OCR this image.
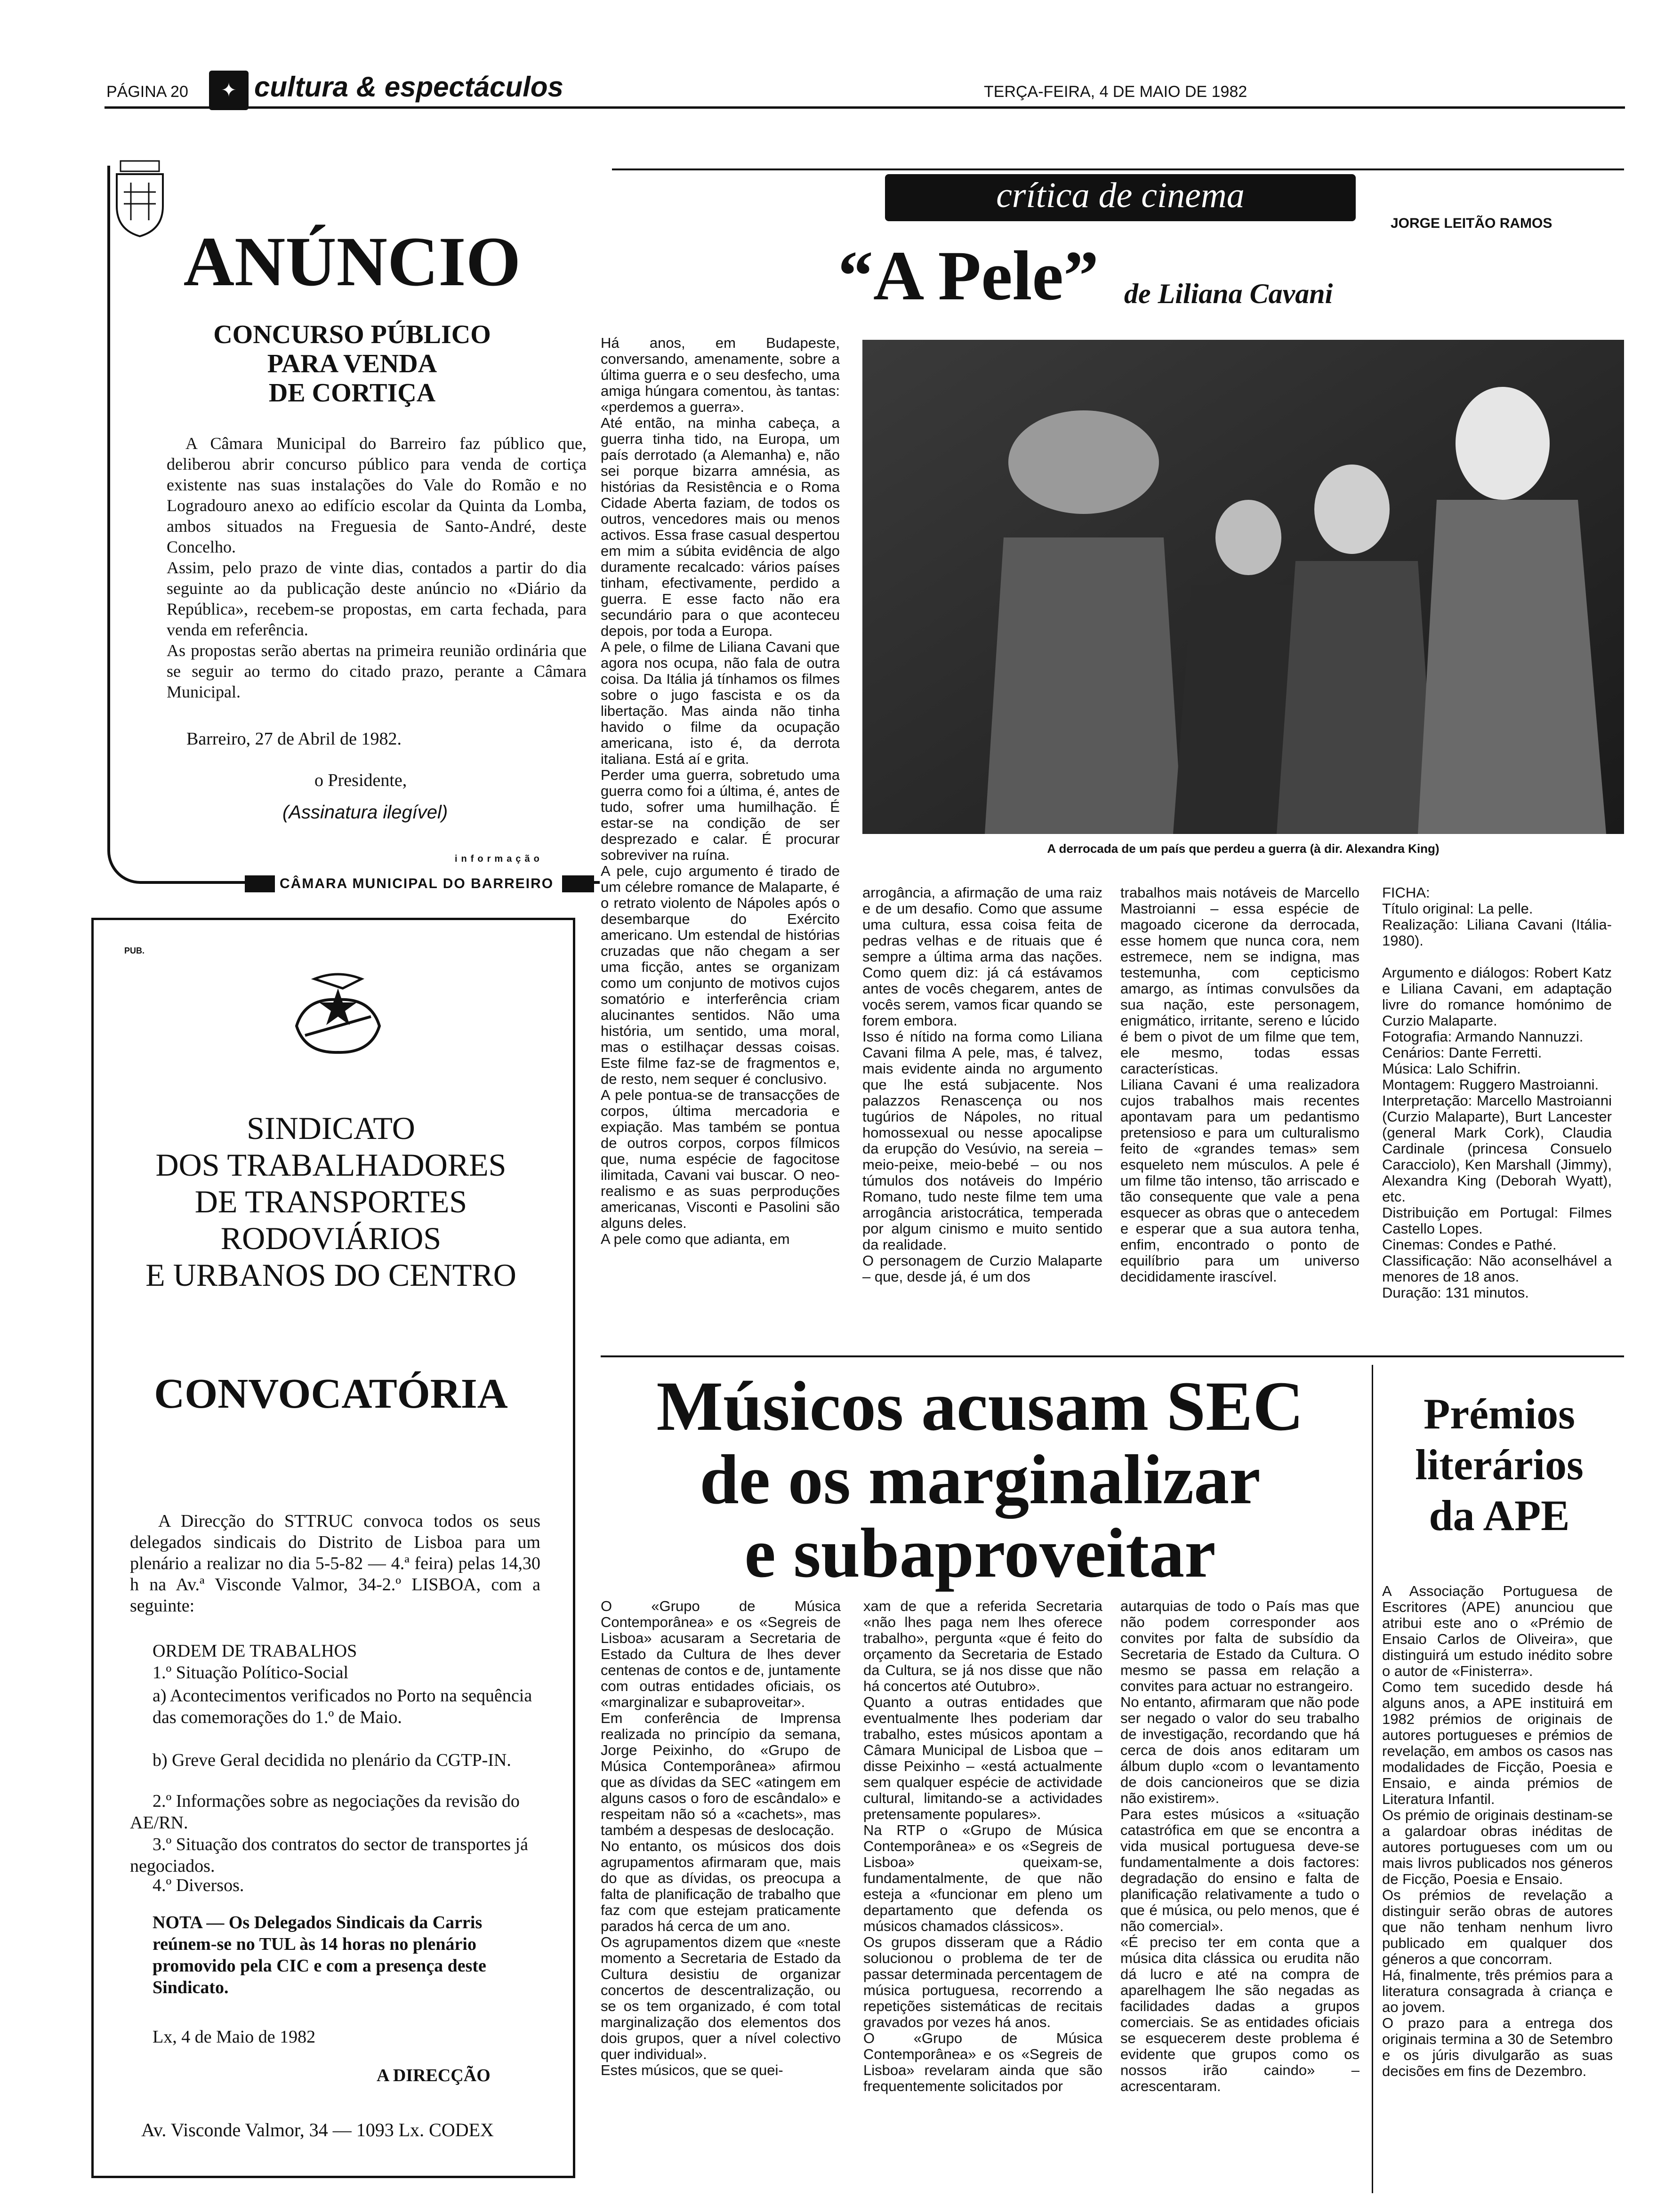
PÁGINA 20	✦ cultura & espectáculos	TERÇA-FEIRA, 4 DE MAIO DE 1982
ANÚNCIO
CONCURSO PÚBLICO
PARA VENDA
DE CORTIÇA
A Câmara Municipal do Barreiro faz público que, deliberou abrir concurso público para venda de cortiça existente nas suas instalações do Vale do Romão e no Logradouro anexo ao edifício escolar da Quinta da Lomba, ambos situados na Freguesia de Santo-André, deste Concelho.
Assim, pelo prazo de vinte dias, contados a partir do dia seguinte ao da publicação deste anúncio no «Diário da República», recebem-se propostas, em carta fechada, para venda em referência.
As propostas serão abertas na primeira reunião ordinária que se seguir ao termo do citado prazo, perante a Câmara Municipal.
Barreiro, 27 de Abril de 1982.
o Presidente,
(Assinatura ilegível)
informação
CÂMARA MUNICIPAL DO BARREIRO
PUB.
SINDICATO
DOS TRABALHADORES
DE TRANSPORTES
RODOVIÁRIOS
E URBANOS DO CENTRO
CONVOCATÓRIA
A Direcção do STTRUC convoca todos os seus delegados sindicais do Distrito de Lisboa para um plenário a realizar no dia 5-5-82 — 4.ª feira) pelas 14,30 h na Av.ª Visconde Valmor, 34-2.º LISBOA, com a seguinte:
ORDEM DE TRABALHOS
1.º Situação Político-Social
a) Acontecimentos verificados no Porto na sequência das comemorações do 1.º de Maio.
b) Greve Geral decidida no plenário da CGTP-IN.
2.º Informações sobre as negociações da revisão do AE/RN.
3.º Situação dos contratos do sector de transportes já negociados.
4.º Diversos.
NOTA — Os Delegados Sindicais da Carris reúnem-se no TUL às 14 horas no plenário promovido pela CIC e com a presença deste Sindicato.
Lx, 4 de Maio de 1982
A DIRECÇÃO
Av. Visconde Valmor, 34 — 1093 Lx. CODEX
crítica de cinema
JORGE LEITÃO RAMOS
“A Pele” de Liliana Cavani
Há anos, em Budapeste, conversando, amenamente, sobre a última guerra e o seu desfecho, uma amiga húngara comentou, às tantas: «perdemos a guerra».
Até então, na minha cabeça, a guerra tinha tido, na Europa, um país derrotado (a Alemanha) e, não sei porque bizarra amnésia, as histórias da Resistência e o Roma Cidade Aberta faziam, de todos os outros, vencedores mais ou menos activos. Essa frase casual despertou em mim a súbita evidência de algo duramente recalcado: vários países tinham, efectivamente, perdido a guerra. E esse facto não era secundário para o que aconteceu depois, por toda a Europa.
A pele, o filme de Liliana Cavani que agora nos ocupa, não fala de outra coisa. Da Itália já tínhamos os filmes sobre o jugo fascista e os da libertação. Mas ainda não tinha havido o filme da ocupação americana, isto é, da derrota italiana. Está aí e grita.
Perder uma guerra, sobretudo uma guerra como foi a última, é, antes de tudo, sofrer uma humilhação. É estar-se na condição de ser desprezado e calar. É procurar sobreviver na ruína.
A pele, cujo argumento é tirado de um célebre romance de Malaparte, é o retrato violento de Nápoles após o desembarque do Exército americano. Um estendal de histórias cruzadas que não chegam a ser uma ficção, antes se organizam como um conjunto de motivos cujos somatório e interferência criam alucinantes sentidos. Não uma história, um sentido, uma moral, mas o estilhaçar dessas coisas. Este filme faz-se de fragmentos e, de resto, nem sequer é conclusivo.
A pele pontua-se de transacções de corpos, última mercadoria e expiação. Mas também se pontua de outros corpos, corpos fílmicos que, numa espécie de fagocitose ilimitada, Cavani vai buscar. O neo-realismo e as suas perproduções americanas, Visconti e Pasolini são alguns deles.
A pele como que adianta, em
A derrocada de um país que perdeu a guerra (à dir. Alexandra King)
arrogância, a afirmação de uma raiz e de um desafio. Como que assume uma cultura, essa coisa feita de pedras velhas e de rituais que é sempre a última arma das nações. Como quem diz: já cá estávamos antes de vocês chegarem, antes de vocês serem, vamos ficar quando se forem embora.
Isso é nítido na forma como Liliana Cavani filma A pele, mas, é talvez, mais evidente ainda no argumento que lhe está subjacente. Nos palazzos Renascença ou nos tugúrios de Nápoles, no ritual homossexual ou nesse apocalipse da erupção do Vesúvio, na sereia – meio-peixe, meio-bebé – ou nos túmulos dos notáveis do Império Romano, tudo neste filme tem uma arrogância aristocrática, temperada por algum cinismo e muito sentido da realidade.
O personagem de Curzio Malaparte – que, desde já, é um dos
trabalhos mais notáveis de Marcello Mastroianni – essa espécie de magoado cicerone da derrocada, esse homem que nunca cora, nem estremece, nem se indigna, mas testemunha, com cepticismo amargo, as íntimas convulsões da sua nação, este personagem, enigmático, irritante, sereno e lúcido é bem o pivot de um filme que tem, ele mesmo, todas essas características.
Liliana Cavani é uma realizadora cujos trabalhos mais recentes apontavam para um pedantismo pretensioso e para um culturalismo feito de «grandes temas» sem esqueleto nem músculos. A pele é um filme tão intenso, tão arriscado e tão consequente que vale a pena esquecer as obras que o antecedem e esperar que a sua autora tenha, enfim, encontrado o ponto de equilíbrio para um universo decididamente irascível.
FICHA:
Título original: La pelle.
Realização: Liliana Cavani (Itália-1980).

Argumento e diálogos: Robert Katz e Liliana Cavani, em adaptação livre do romance homónimo de Curzio Malaparte.
Fotografia: Armando Nannuzzi.
Cenários: Dante Ferretti.
Música: Lalo Schifrin.
Montagem: Ruggero Mastroianni.
Interpretação: Marcello Mastroianni (Curzio Malaparte), Burt Lancester (general Mark Cork), Claudia Cardinale (princesa Consuelo Caracciolo), Ken Marshall (Jimmy), Alexandra King (Deborah Wyatt), etc.
Distribuição em Portugal: Filmes Castello Lopes.
Cinemas: Condes e Pathé.
Classificação: Não aconselhável a menores de 18 anos.
Duração: 131 minutos.
Músicos acusam SEC
de os marginalizar
e subaproveitar
O «Grupo de Música Contemporânea» e os «Segreis de Lisboa» acusaram a Secretaria de Estado da Cultura de lhes dever centenas de contos e de, juntamente com outras entidades oficiais, os «marginalizar e subaproveitar».
Em conferência de Imprensa realizada no princípio da semana, Jorge Peixinho, do «Grupo de Música Contemporânea» afirmou que as dívidas da SEC «atingem em alguns casos o foro de escândalo» e respeitam não só a «cachets», mas também a despesas de deslocação.
No entanto, os músicos dos dois agrupamentos afirmaram que, mais do que as dívidas, os preocupa a falta de planificação de trabalho que faz com que estejam praticamente parados há cerca de um ano.
Os agrupamentos dizem que «neste momento a Secretaria de Estado da Cultura desistiu de organizar concertos de descentralização, ou se os tem organizado, é com total marginalização dos elementos dos dois grupos, quer a nível colectivo quer individual».
Estes músicos, que se quei-
xam de que a referida Secretaria «não lhes paga nem lhes oferece trabalho», pergunta «que é feito do orçamento da Secretaria de Estado da Cultura, se já nos disse que não há concertos até Outubro».
Quanto a outras entidades que eventualmente lhes poderiam dar trabalho, estes músicos apontam a Câmara Municipal de Lisboa que – disse Peixinho – «está actualmente sem qualquer espécie de actividade cultural, limitando-se a actividades pretensamente populares».
Na RTP o «Grupo de Música Contemporânea» e os «Segreis de Lisboa» queixam-se, fundamentalmente, de que não esteja a «funcionar em pleno um departamento que defenda os músicos chamados clássicos».
Os grupos disseram que a Rádio solucionou o problema de ter de passar determinada percentagem de música portuguesa, recorrendo a repetições sistemáticas de recitais gravados por vezes há anos.
O «Grupo de Música Contemporânea» e os «Segreis de Lisboa» revelaram ainda que são frequentemente solicitados por
autarquias de todo o País mas que não podem corresponder aos convites por falta de subsídio da Secretaria de Estado da Cultura. O mesmo se passa em relação a convites para actuar no estrangeiro.
No entanto, afirmaram que não pode ser negado o valor do seu trabalho de investigação, recordando que há cerca de dois anos editaram um álbum duplo «com o levantamento de dois cancioneiros que se dizia não existirem».
Para estes músicos a «situação catastrófica em que se encontra a vida musical portuguesa deve-se fundamentalmente a dois factores: degradação do ensino e falta de planificação relativamente a tudo o que é música, ou pelo menos, que é não comercial».
«É preciso ter em conta que a música dita clássica ou erudita não dá lucro e até na compra de aparelhagem lhe são negadas as facilidades dadas a grupos comerciais. Se as entidades oficiais se esquecerem deste problema é evidente que grupos como os nossos irão caindo» – acrescentaram.
Prémios
literários
da APE
A Associação Portuguesa de Escritores (APE) anunciou que atribui este ano o «Prémio de Ensaio Carlos de Oliveira», que distinguirá um estudo inédito sobre o autor de «Finisterra».
Como tem sucedido desde há alguns anos, a APE instituirá em 1982 prémios de originais de autores portugueses e prémios de revelação, em ambos os casos nas modalidades de Ficção, Poesia e Ensaio, e ainda prémios de Literatura Infantil.
Os prémio de originais destinam-se a galardoar obras inéditas de autores portugueses com um ou mais livros publicados nos géneros de Ficção, Poesia e Ensaio.
Os prémios de revelação a distinguir serão obras de autores que não tenham nenhum livro publicado em qualquer dos géneros a que concorram.
Há, finalmente, três prémios para a literatura consagrada à criança e ao jovem.
O prazo para a entrega dos originais termina a 30 de Setembro e os júris divulgarão as suas decisões em fins de Dezembro.
